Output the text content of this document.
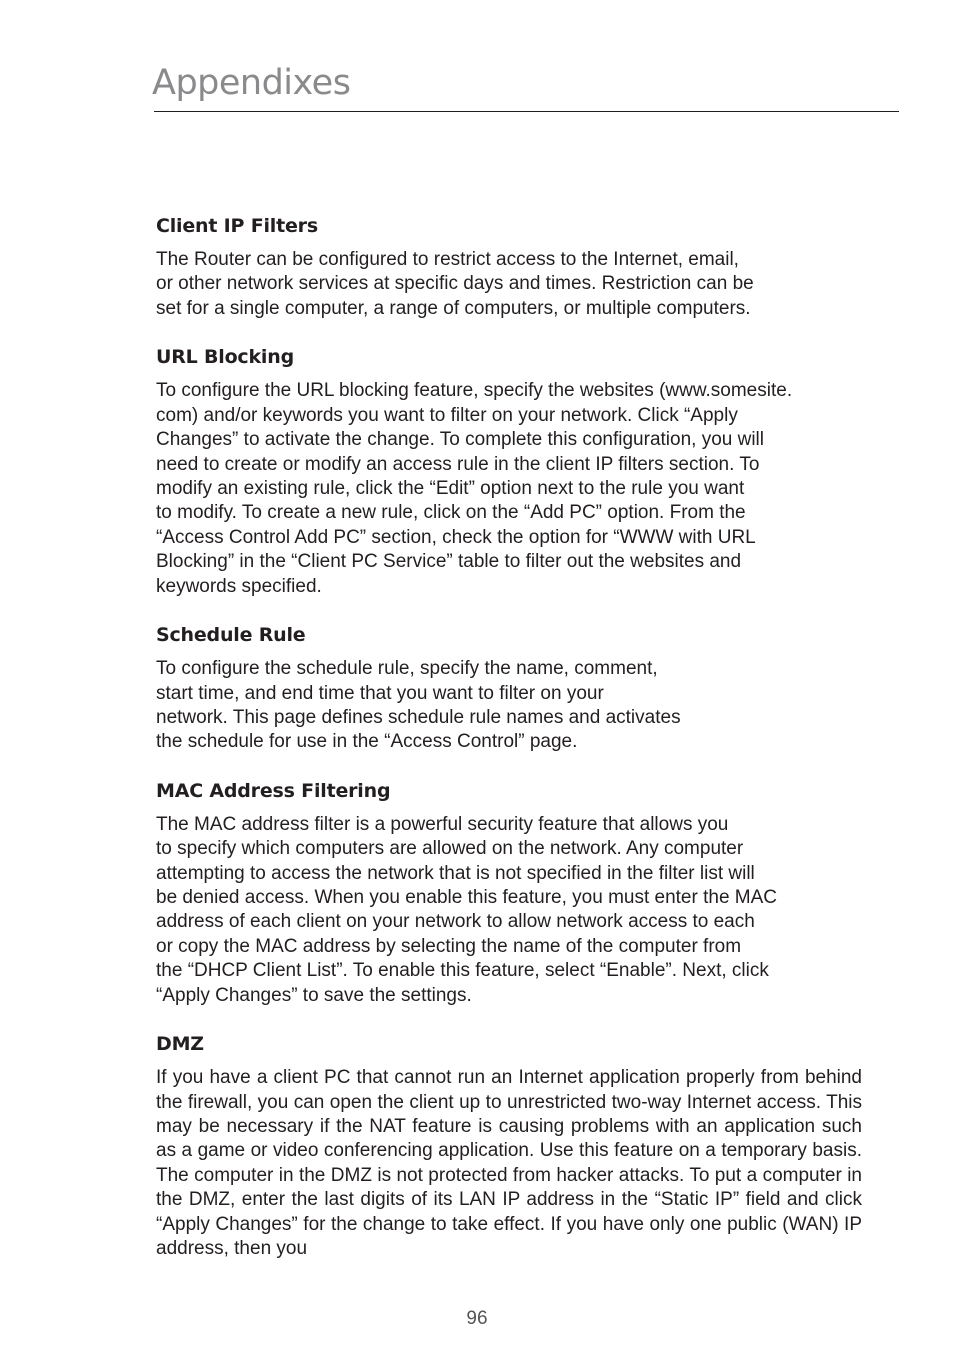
Appendixes
Client IP Filters

The Router can be configured to restrict access to the Internet, email,
or other network services at specific days and times. Restriction can be
set for a single computer, a range of computers, or multiple computers.

URL Blocking

To configure the URL blocking feature, specify the websites (www.somesite.
com) and/or keywords you want to filter on your network. Click “Apply
Changes” to activate the change. To complete this configuration, you will
need to create or modify an access rule in the client IP filters section. To
modify an existing rule, click the “Edit” option next to the rule you want
to modify. To create a new rule, click on the “Add PC” option. From the
“Access Control Add PC” section, check the option for “WWW with URL
Blocking” in the “Client PC Service” table to filter out the websites and
keywords specified.

Schedule Rule

To configure the schedule rule, specify the name, comment,
start time, and end time that you want to filter on your
network. This page defines schedule rule names and activates
the schedule for use in the “Access Control” page.

MAC Address Filtering

The MAC address filter is a powerful security feature that allows you
to specify which computers are allowed on the network. Any computer
attempting to access the network that is not specified in the filter list will
be denied access. When you enable this feature, you must enter the MAC
address of each client on your network to allow network access to each
or copy the MAC address by selecting the name of the computer from
the “DHCP Client List”. To enable this feature, select “Enable”. Next, click
“Apply Changes” to save the settings.

DMZ

If you have a client PC that cannot run an Internet application properly from behind the firewall, you can open the client up to unrestricted two-way Internet access. This may be necessary if the NAT feature is causing problems with an application such as a game or video conferencing application. Use this feature on a temporary basis. The computer in the DMZ is not protected from hacker attacks. To put a computer in the DMZ, enter the last digits of its LAN IP address in the “Static IP” field and click “Apply Changes” for the change to take effect. If you have only one public (WAN) IP address, then you

96
